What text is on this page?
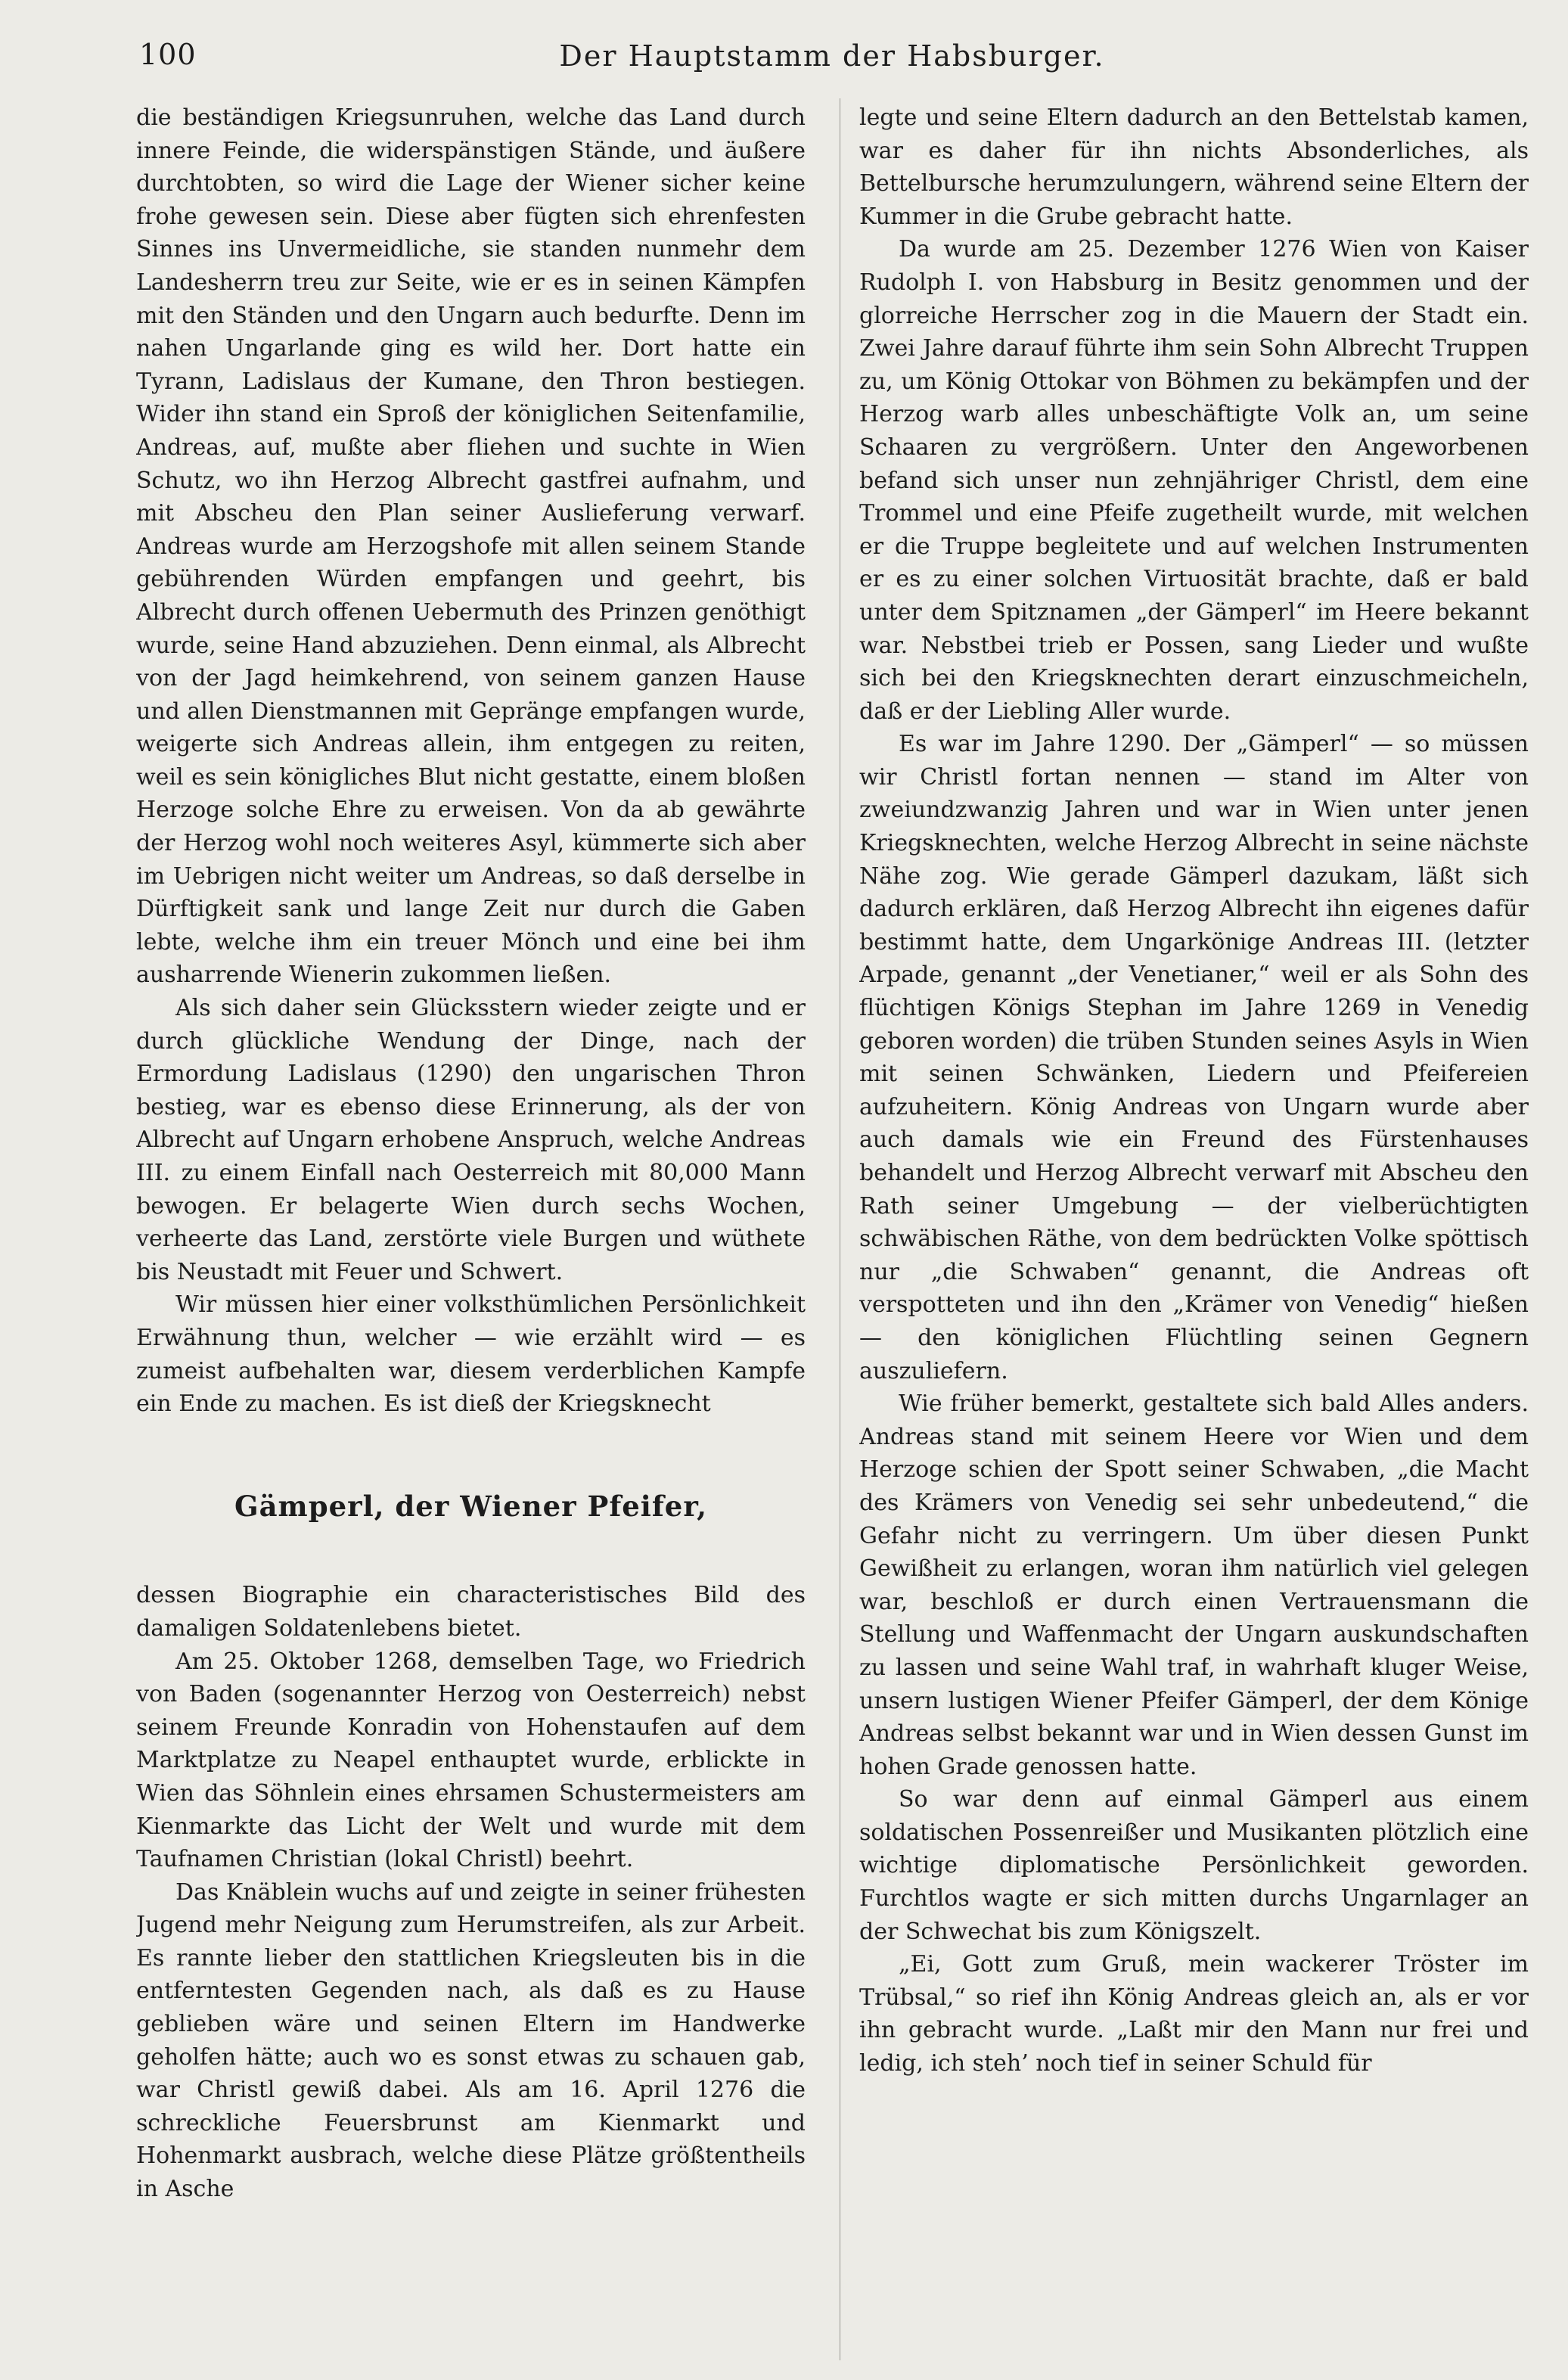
100	Der Hauptstamm der Habsburger.

die beständigen Kriegsunruhen, welche das Land durch innere Feinde, die widerspänstigen Stände, und äußere durchtobten, so wird die Lage der Wiener sicher keine frohe gewesen sein. Diese aber fügten sich ehrenfesten Sinnes ins Unvermeidliche, sie standen nunmehr dem Landesherrn treu zur Seite, wie er es in seinen Kämpfen mit den Ständen und den Ungarn auch bedurfte. Denn im nahen Ungarlande ging es wild her. Dort hatte ein Tyrann, Ladislaus der Kumane, den Thron bestiegen. Wider ihn stand ein Sproß der königlichen Seitenfamilie, Andreas, auf, mußte aber fliehen und suchte in Wien Schutz, wo ihn Herzog Albrecht gastfrei aufnahm, und mit Abscheu den Plan seiner Auslieferung verwarf. Andreas wurde am Herzogshofe mit allen seinem Stande gebührenden Würden empfangen und geehrt, bis Albrecht durch offenen Uebermuth des Prinzen genöthigt wurde, seine Hand abzuziehen. Denn einmal, als Albrecht von der Jagd heimkehrend, von seinem ganzen Hause und allen Dienstmannen mit Gepränge empfangen wurde, weigerte sich Andreas allein, ihm entgegen zu reiten, weil es sein königliches Blut nicht gestatte, einem bloßen Herzoge solche Ehre zu erweisen. Von da ab gewährte der Herzog wohl noch weiteres Asyl, kümmerte sich aber im Uebrigen nicht weiter um Andreas, so daß derselbe in Dürftigkeit sank und lange Zeit nur durch die Gaben lebte, welche ihm ein treuer Mönch und eine bei ihm ausharrende Wienerin zukommen ließen.

Als sich daher sein Glücksstern wieder zeigte und er durch glückliche Wendung der Dinge, nach der Ermordung Ladislaus (1290) den ungarischen Thron bestieg, war es ebenso diese Erinnerung, als der von Albrecht auf Ungarn erhobene Anspruch, welche Andreas III. zu einem Einfall nach Oesterreich mit 80,000 Mann bewogen. Er belagerte Wien durch sechs Wochen, verheerte das Land, zerstörte viele Burgen und wüthete bis Neustadt mit Feuer und Schwert.

Wir müssen hier einer volksthümlichen Persönlichkeit Erwähnung thun, welcher — wie erzählt wird — es zumeist aufbehalten war, diesem verderblichen Kampfe ein Ende zu machen. Es ist dieß der Kriegsknecht

Gämperl, der Wiener Pfeifer,

dessen Biographie ein characteristisches Bild des damaligen Soldatenlebens bietet.

Am 25. Oktober 1268, demselben Tage, wo Friedrich von Baden (sogenannter Herzog von Oesterreich) nebst seinem Freunde Konradin von Hohenstaufen auf dem Marktplatze zu Neapel enthauptet wurde, erblickte in Wien das Söhnlein eines ehrsamen Schustermeisters am Kienmarkte das Licht der Welt und wurde mit dem Taufnamen Christian (lokal Christl) beehrt.

Das Knäblein wuchs auf und zeigte in seiner frühesten Jugend mehr Neigung zum Herumstreifen, als zur Arbeit. Es rannte lieber den stattlichen Kriegsleuten bis in die entferntesten Gegenden nach, als daß es zu Hause geblieben wäre und seinen Eltern im Handwerke geholfen hätte; auch wo es sonst etwas zu schauen gab, war Christl gewiß dabei. Als am 16. April 1276 die schreckliche Feuersbrunst am Kienmarkt und Hohenmarkt ausbrach, welche diese Plätze größtentheils in Asche

legte und seine Eltern dadurch an den Bettelstab kamen, war es daher für ihn nichts Absonderliches, als Bettelbursche herumzulungern, während seine Eltern der Kummer in die Grube gebracht hatte.

Da wurde am 25. Dezember 1276 Wien von Kaiser Rudolph I. von Habsburg in Besitz genommen und der glorreiche Herrscher zog in die Mauern der Stadt ein. Zwei Jahre darauf führte ihm sein Sohn Albrecht Truppen zu, um König Ottokar von Böhmen zu bekämpfen und der Herzog warb alles unbeschäftigte Volk an, um seine Schaaren zu vergrößern. Unter den Angeworbenen befand sich unser nun zehnjähriger Christl, dem eine Trommel und eine Pfeife zugetheilt wurde, mit welchen er die Truppe begleitete und auf welchen Instrumenten er es zu einer solchen Virtuosität brachte, daß er bald unter dem Spitznamen „der Gämperl“ im Heere bekannt war. Nebstbei trieb er Possen, sang Lieder und wußte sich bei den Kriegsknechten derart einzuschmeicheln, daß er der Liebling Aller wurde.

Es war im Jahre 1290. Der „Gämperl“ — so müssen wir Christl fortan nennen — stand im Alter von zweiundzwanzig Jahren und war in Wien unter jenen Kriegsknechten, welche Herzog Albrecht in seine nächste Nähe zog. Wie gerade Gämperl dazukam, läßt sich dadurch erklären, daß Herzog Albrecht ihn eigenes dafür bestimmt hatte, dem Ungarkönige Andreas III. (letzter Arpade, genannt „der Venetianer,“ weil er als Sohn des flüchtigen Königs Stephan im Jahre 1269 in Venedig geboren worden) die trüben Stunden seines Asyls in Wien mit seinen Schwänken, Liedern und Pfeifereien aufzuheitern. König Andreas von Ungarn wurde aber auch damals wie ein Freund des Fürstenhauses behandelt und Herzog Albrecht verwarf mit Abscheu den Rath seiner Umgebung — der vielberüchtigten schwäbischen Räthe, von dem bedrückten Volke spöttisch nur „die Schwaben“ genannt, die Andreas oft verspotteten und ihn den „Krämer von Venedig“ hießen — den königlichen Flüchtling seinen Gegnern auszuliefern.

Wie früher bemerkt, gestaltete sich bald Alles anders. Andreas stand mit seinem Heere vor Wien und dem Herzoge schien der Spott seiner Schwaben, „die Macht des Krämers von Venedig sei sehr unbedeutend,“ die Gefahr nicht zu verringern. Um über diesen Punkt Gewißheit zu erlangen, woran ihm natürlich viel gelegen war, beschloß er durch einen Vertrauensmann die Stellung und Waffenmacht der Ungarn auskundschaften zu lassen und seine Wahl traf, in wahrhaft kluger Weise, unsern lustigen Wiener Pfeifer Gämperl, der dem Könige Andreas selbst bekannt war und in Wien dessen Gunst im hohen Grade genossen hatte.

So war denn auf einmal Gämperl aus einem soldatischen Possenreißer und Musikanten plötzlich eine wichtige diplomatische Persönlichkeit geworden. Furchtlos wagte er sich mitten durchs Ungarnlager an der Schwechat bis zum Königszelt.

„Ei, Gott zum Gruß, mein wackerer Tröster im Trübsal,“ so rief ihn König Andreas gleich an, als er vor ihn gebracht wurde. „Laßt mir den Mann nur frei und ledig, ich steh’ noch tief in seiner Schuld für
